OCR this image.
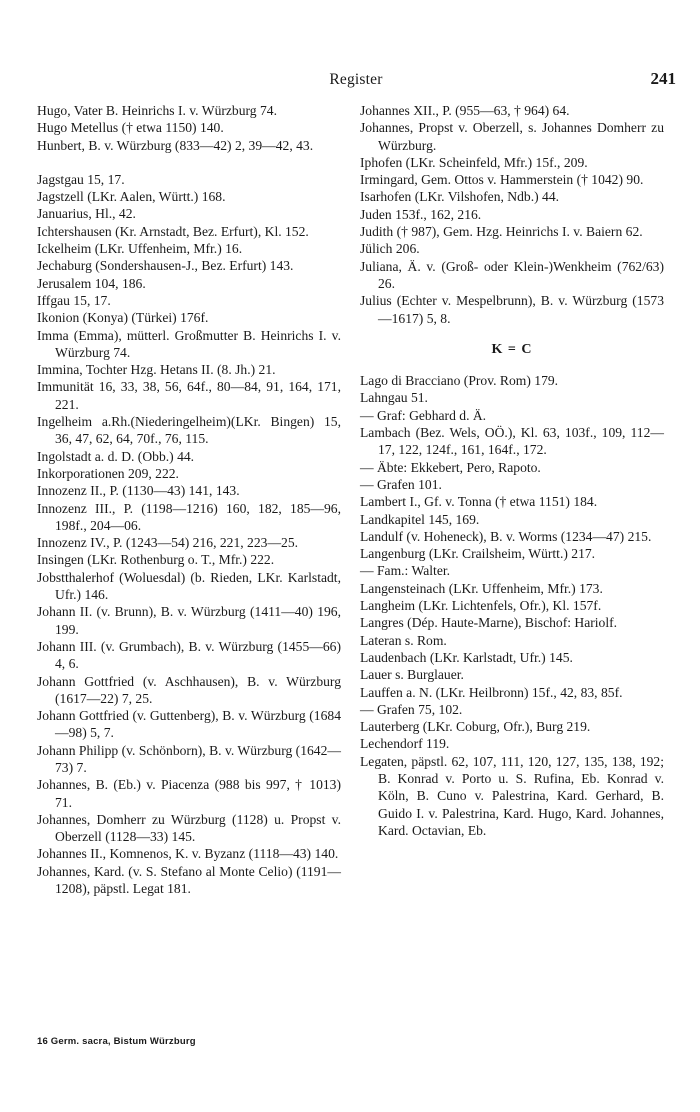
Register	241

Hugo, Vater B. Heinrichs I. v. Würzburg 74.

Hugo Metellus († etwa 1150) 140.

Hunbert, B. v. Würzburg (833—42) 2, 39—42, 43.

Jagstgau 15, 17.

Jagstzell (LKr. Aalen, Württ.) 168.

Januarius, Hl., 42.

Ichtershausen (Kr. Arnstadt, Bez. Erfurt), Kl. 152.

Ickelheim (LKr. Uffenheim, Mfr.) 16.

Jechaburg (Sondershausen-J., Bez. Erfurt) 143.

Jerusalem 104, 186.

Iffgau 15, 17.

Ikonion (Konya) (Türkei) 176f.

Imma (Emma), mütterl. Großmutter B. Heinrichs I. v. Würzburg 74.

Immina, Tochter Hzg. Hetans II. (8. Jh.) 21.

Immunität 16, 33, 38, 56, 64f., 80—84, 91, 164, 171, 221.

Ingelheim a.Rh.(Niederingelheim)(LKr. Bingen) 15, 36, 47, 62, 64, 70f., 76, 115.

Ingolstadt a. d. D. (Obb.) 44.

Inkorporationen 209, 222.

Innozenz II., P. (1130—43) 141, 143.

Innozenz III., P. (1198—1216) 160, 182, 185—96, 198f., 204—06.

Innozenz IV., P. (1243—54) 216, 221, 223—25.

Insingen (LKr. Rothenburg o. T., Mfr.) 222.

Jobstthalerhof (Woluesdal) (b. Rieden, LKr. Karlstadt, Ufr.) 146.

Johann II. (v. Brunn), B. v. Würzburg (1411—40) 196, 199.

Johann III. (v. Grumbach), B. v. Würzburg (1455—66) 4, 6.

Johann Gottfried (v. Aschhausen), B. v. Würzburg (1617—22) 7, 25.

Johann Gottfried (v. Guttenberg), B. v. Würzburg (1684—98) 5, 7.

Johann Philipp (v. Schönborn), B. v. Würzburg (1642—73) 7.

Johannes, B. (Eb.) v. Piacenza (988 bis 997, † 1013) 71.

Johannes, Domherr zu Würzburg (1128) u. Propst v. Oberzell (1128—33) 145.

Johannes II., Komnenos, K. v. Byzanz (1118—43) 140.

Johannes, Kard. (v. S. Stefano al Monte Celio) (1191—1208), päpstl. Legat 181.

Johannes XII., P. (955—63, † 964) 64.

Johannes, Propst v. Oberzell, s. Johannes Domherr zu Würzburg.

Iphofen (LKr. Scheinfeld, Mfr.) 15f., 209.

Irmingard, Gem. Ottos v. Hammerstein († 1042) 90.

Isarhofen (LKr. Vilshofen, Ndb.) 44.

Juden 153f., 162, 216.

Judith († 987), Gem. Hzg. Heinrichs I. v. Baiern 62.

Jülich 206.

Juliana, Ä. v. (Groß- oder Klein-)Wenkheim (762/63) 26.

Julius (Echter v. Mespelbrunn), B. v. Würzburg (1573—1617) 5, 8.

K = C

Lago di Bracciano (Prov. Rom) 179.

Lahngau 51.

— Graf: Gebhard d. Ä.

Lambach (Bez. Wels, OÖ.), Kl. 63, 103f., 109, 112—17, 122, 124f., 161, 164f., 172.

— Äbte: Ekkebert, Pero, Rapoto.

— Grafen 101.

Lambert I., Gf. v. Tonna († etwa 1151) 184.

Landkapitel 145, 169.

Landulf (v. Hoheneck), B. v. Worms (1234—47) 215.

Langenburg (LKr. Crailsheim, Württ.) 217.

— Fam.: Walter.

Langensteinach (LKr. Uffenheim, Mfr.) 173.

Langheim (LKr. Lichtenfels, Ofr.), Kl. 157f.

Langres (Dép. Haute-Marne), Bischof: Hariolf.

Lateran s. Rom.

Laudenbach (LKr. Karlstadt, Ufr.) 145.

Lauer s. Burglauer.

Lauffen a. N. (LKr. Heilbronn) 15f., 42, 83, 85f.

— Grafen 75, 102.

Lauterberg (LKr. Coburg, Ofr.), Burg 219.

Lechendorf 119.

Legaten, päpstl. 62, 107, 111, 120, 127, 135, 138, 192; B. Konrad v. Porto u. S. Rufina, Eb. Konrad v. Köln, B. Cuno v. Palestrina, Kard. Gerhard, B. Guido I. v. Palestrina, Kard. Hugo, Kard. Johannes, Kard. Octavian, Eb.

16 Germ. sacra, Bistum Würzburg
